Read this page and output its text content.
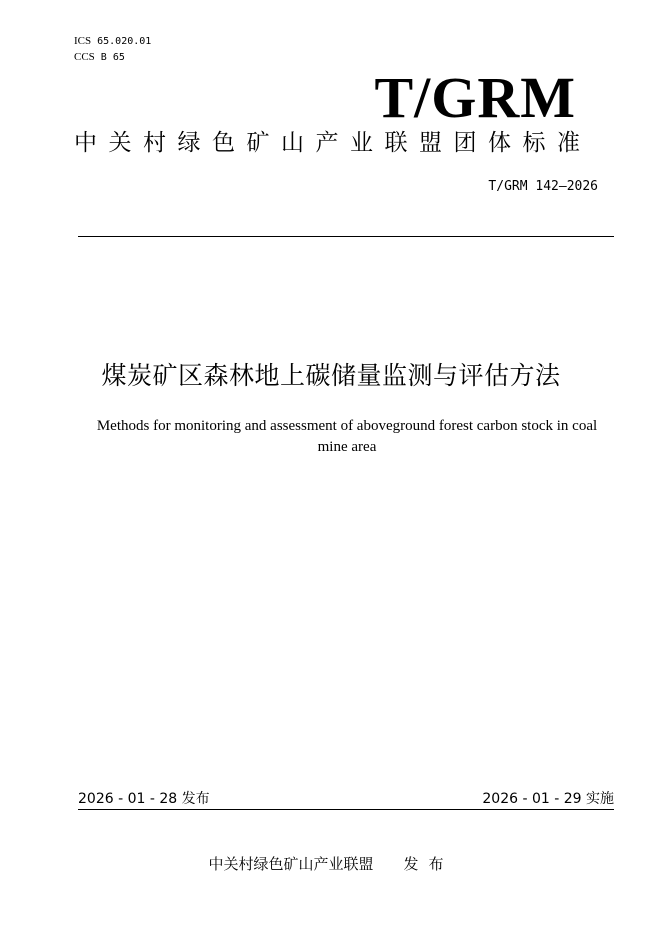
ICS 65.020.01
CCS B 65
T/GRM
中关村绿色矿山产业联盟团体标准
T/GRM 142—2026
煤炭矿区森林地上碳储量监测与评估方法
Methods for monitoring and assessment of aboveground forest carbon stock in coal mine area
2026 - 01 - 28 发布	2026 - 01 - 29 实施
中关村绿色矿山产业联盟 发布
